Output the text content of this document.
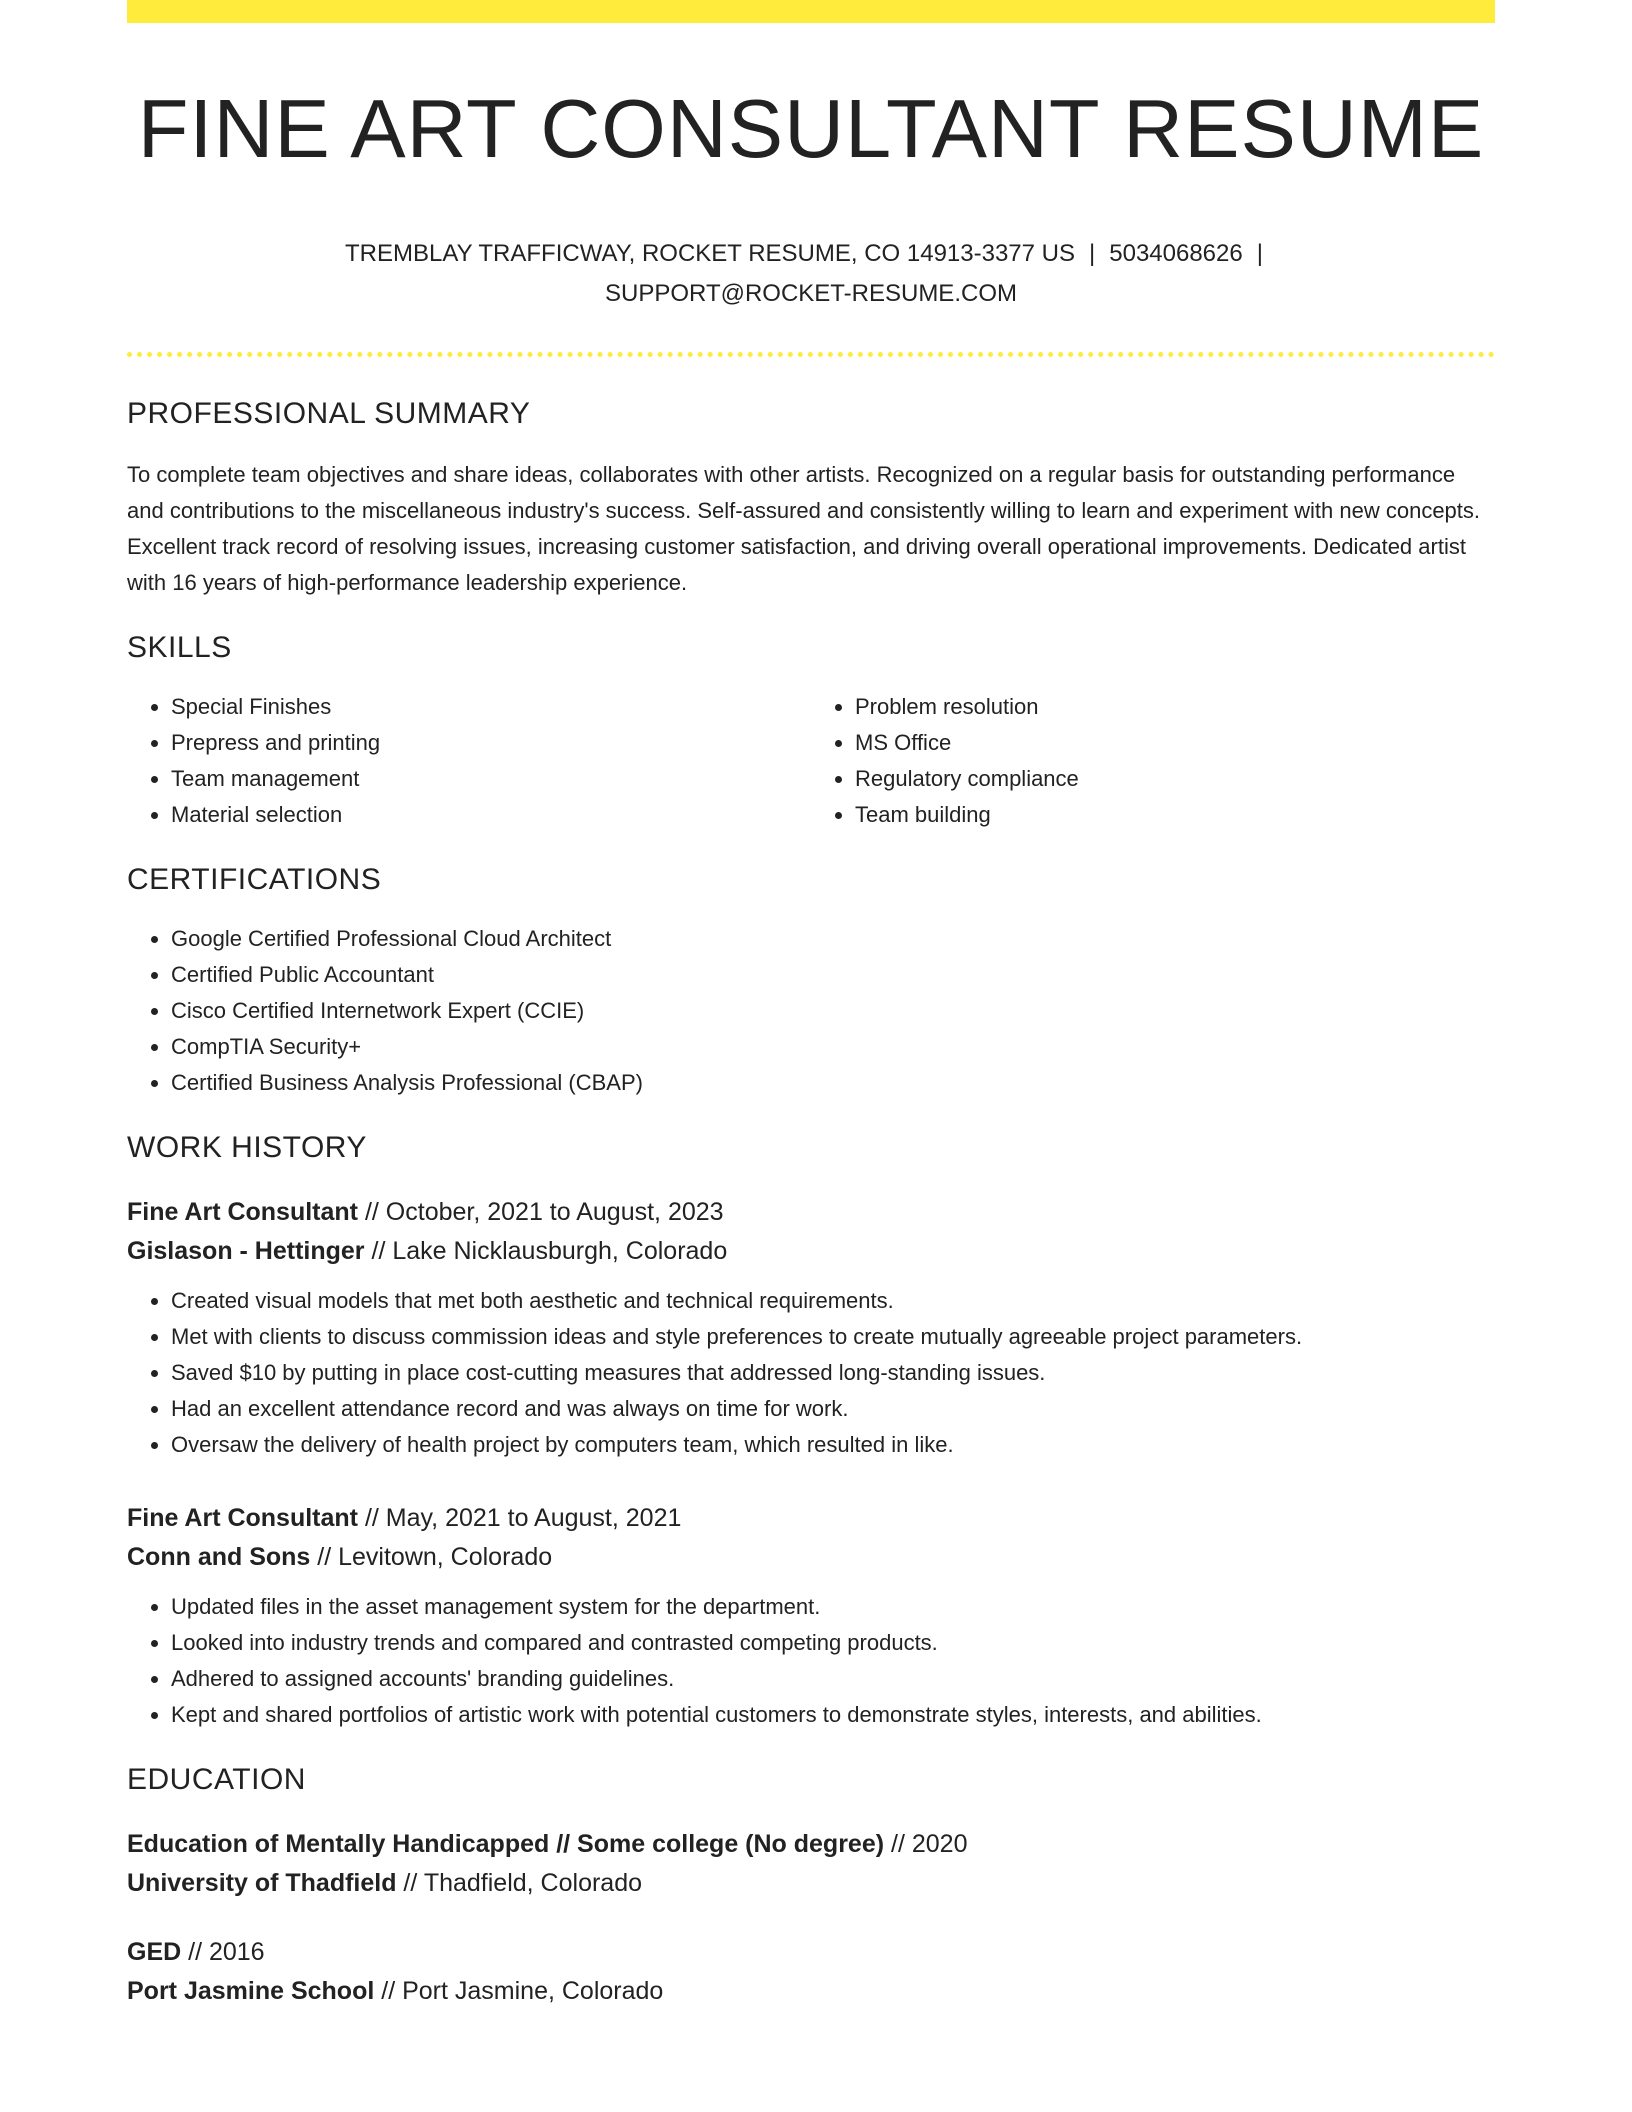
FINE ART CONSULTANT RESUME
TREMBLAY TRAFFICWAY, ROCKET RESUME, CO 14913-3377 US | 5034068626 |
SUPPORT@ROCKET-RESUME.COM
PROFESSIONAL SUMMARY

To complete team objectives and share ideas, collaborates with other artists. Recognized on a regular basis for outstanding performance and contributions to the miscellaneous industry's success. Self-assured and consistently willing to learn and experiment with new concepts. Excellent track record of resolving issues, increasing customer satisfaction, and driving overall operational improvements. Dedicated artist with 16 years of high-performance leadership experience.

SKILLS
• Special Finishes
• Prepress and printing
• Team management
• Material selection
• Problem resolution
• MS Office
• Regulatory compliance
• Team building
CERTIFICATIONS
• Google Certified Professional Cloud Architect
• Certified Public Accountant
• Cisco Certified Internetwork Expert (CCIE)
• CompTIA Security+
• Certified Business Analysis Professional (CBAP)
WORK HISTORY
Fine Art Consultant // October, 2021 to August, 2023
Gislason - Hettinger // Lake Nicklausburgh, Colorado
• Created visual models that met both aesthetic and technical requirements.
• Met with clients to discuss commission ideas and style preferences to create mutually agreeable project parameters.
• Saved $10 by putting in place cost-cutting measures that addressed long-standing issues.
• Had an excellent attendance record and was always on time for work.
• Oversaw the delivery of health project by computers team, which resulted in like.
Fine Art Consultant // May, 2021 to August, 2021
Conn and Sons // Levitown, Colorado
• Updated files in the asset management system for the department.
• Looked into industry trends and compared and contrasted competing products.
• Adhered to assigned accounts' branding guidelines.
• Kept and shared portfolios of artistic work with potential customers to demonstrate styles, interests, and abilities.
EDUCATION
Education of Mentally Handicapped // Some college (No degree) // 2020
University of Thadfield // Thadfield, Colorado
GED // 2016
Port Jasmine School // Port Jasmine, Colorado
